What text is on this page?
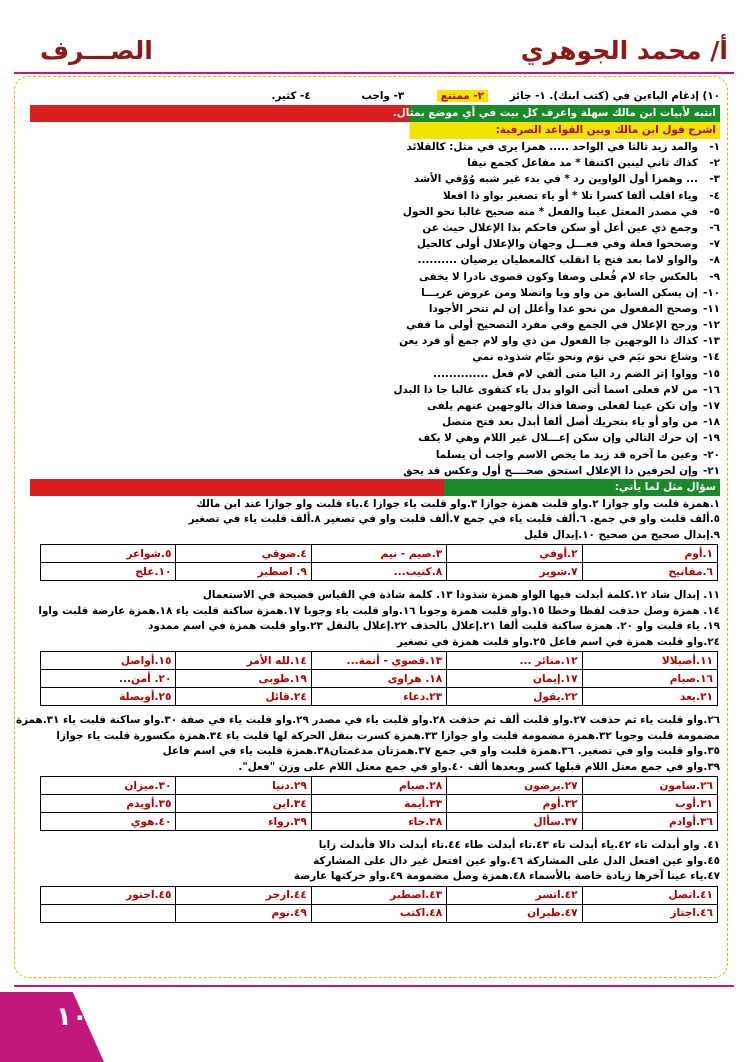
أ/ محمد الجوهري
الصـــرف
١٠) إدغام الباءين في (كتب ابنك). ١- جائز      ٢- ممتنع         ٣- واجب              ٤- كثير.
انتبه لأبيات ابن مالك سهلة واعرف كل بيت في أي موضع بمثال.
اشرح قول ابن مالك وبين القواعد الصرفية:
١-والمد زيد ثالثا في الواحد ..... همزا يرى في مثل: كالقلائد
٢-كذاك ثاني لينين اكتنفا * مد مفاعل كجمع نيفا
٣-... وهمزا أول الواوين رد * في بدء غير شبه وُوْفي الأشد
٤-وياء اقلب ألفا كسرا تلا * أو ياء تصغير بواو ذا افعلا
٥-في مصدر المعتل عينا والفعل * منه صحيح غالبا نحو الحول
٦-وجمع ذي عين أعل أو سكن فاحكم بذا الإعلال حيث عن
٧-وصححوا فعلة وفي فعـــل وجهان والإعلال أولى كالحيل
٨-والواو لاما بعد فتح يا انقلب كالمعطيان يرضيان ..........
٩-بالعكس جاء لام فُعلى وصفا وكون قصوى نادرا لا يخفى
١٠-إن يسكن السابق من واو ويا واتصلا ومن عروض عريـــا
١١-وصحح المفعول من نحو عدا وأعلل إن لم تتحر الأجودا
١٢-ورجح الإعلال في الجمع وفي مفرد التصحيح أولى ما قفي
١٣-كذاك ذا الوجهين جا الفعول من ذي واو لام جمع أو فرد يعن
١٤-وشاع نحو نيَم في نوَم ونحو نيّام شذوذه نمي
١٥-وواوا إثر الضم رد اليا متى ألفي لام فعل ..............
١٦-من لام فعلى اسما أتى الواو بدل ياء كتقوى غالبا جا ذا البدل
١٧-وإن تكن عينا لفعلى وصفا فذاك بالوجهين عنهم يلفى
١٨-من واو أو ياء بتحريك أصل ألفا أبدل بعد فتح متصل
١٩-إن حرك التالي وإن سكن إعـــلال غير اللام وهي لا يكف
٢٠-وعين ما آخره قد زيد ما يخص الاسم واجب أن يسلما
٢١-وإن لحرفين ذا الإعلال استحق صحــــح أول وعكس قد يحق
سؤال مثل لما يأتي:
١.همزة قلبت واو جوازا ٢.واو قلبت همزة جوازا ٣.واو قلبت ياء جوازا ٤.ياء قلبت واو جوازا عند ابن مالك
٥.ألف قلبت واو في جمع. ٦.ألف قلبت ياء في جمع ٧.ألف قلبت واو في تصغير ٨.ألف قلبت ياء في تصغير
٩.إبدال صحيح من صحيح ١٠.إبدال قليل
١.أوم	٢.أوفي	٣.صيم - نيم	٤.ضوقي	٥.شواعر
٦.مفاتيح	٧.شوير	٨.كتيب...	٩. اصطبر	١٠.علج
١١. إبدال شاذ ١٢.كلمة أبدلت فيها الواو همزة شذوذا ١٣. كلمة شاذة في القياس فصيحة في الاستعمال
١٤. همزة وصل حذفت لفظا وخطا ١٥.واو قلبت همزة وجوبا ١٦.واو قلبت ياء وجوبا ١٧.همزة ساكنة قلبت ياء ١٨.همزة عارضة قلبت واوا
١٩. ياء قلبت واو ٢٠. همزة ساكنة قلبت ألفا ٢١.إعلال بالحذف ٢٢.إعلال بالنقل ٢٣.واو قلبت همزة في اسم ممدود
٢٤.واو قلبت همزة في اسم فاعل ٢٥.واو قلبت همزة في تصغير
١١.أصيلالا	١٢.منائر ...	١٣.قصوي - أنمة...	١٤.لله الأمر	١٥.أواصل
١٦.صيام	١٧.إيمان	١٨. هراوى	١٩.طوبى	٢٠. أمن...
٢١.يعد	٢٢.يقول	٢٣.دعاء	٢٤.قائل	٢٥.أويصلة
٢٦.واو قلبت ياء ثم حذفت ٢٧.واو قلبت ألف ثم حذفت ٢٨.واو قلبت ياء في مصدر ٢٩.واو قلبت ياء في صفة ٣٠.واو ساكنة قلبت ياء ٣١.همزة
مضمومة قلبت وجوبا ٣٢.همزة مضمومة قلبت واو جوازا ٣٣.همزة كسرت بنقل الحركة لها قلبت ياء ٣٤.همزة مكسورة قلبت ياء جوازا
٣٥.واو قلبت واو في تصغير. ٣٦.همزة قلبت واو في جمع ٣٧.همزتان مدغمتان٣٨.همزة قلبت ياء في اسم فاعل
٣٩.واو في جمع معتل اللام قبلها كسر وبعدها ألف ٤٠.واو في جمع معتل اللام على وزن "فعل".
٢٦.سامون	٢٧.يرضون	٢٨.صيام	٢٩.دنيا	٣٠.ميزان
٣١.أوب	٣٢.أوم	٣٣.أيمة	٣٤.اين	٣٥.أويدم
٣٦.أوادم	٣٧.سأال	٣٨.جاء	٣٩.رواء	٤٠.هوي
٤١. واو أبدلت تاء ٤٢.ياء أبدلت تاء ٤٣.تاء أبدلت طاء ٤٤.تاء أبدلت دالا فأبدلت زايا
٤٥.واو عين افتعل الدل على المشاركة ٤٦.واو عين افتعل غير دال على المشاركة
٤٧.ياء عينا آخرها زيادة خاصة بالأسماء ٤٨.همزة وصل مضمومة ٤٩.واو حركتها عارضة
٤١.اتصل	٤٢.اتسر	٤٣.اصطبر	٤٤.ازجر	٤٥.اجتور
٤٦.اجتاز	٤٧.طيران	٤٨.اكتب	٤٩.نوم	
١٠
